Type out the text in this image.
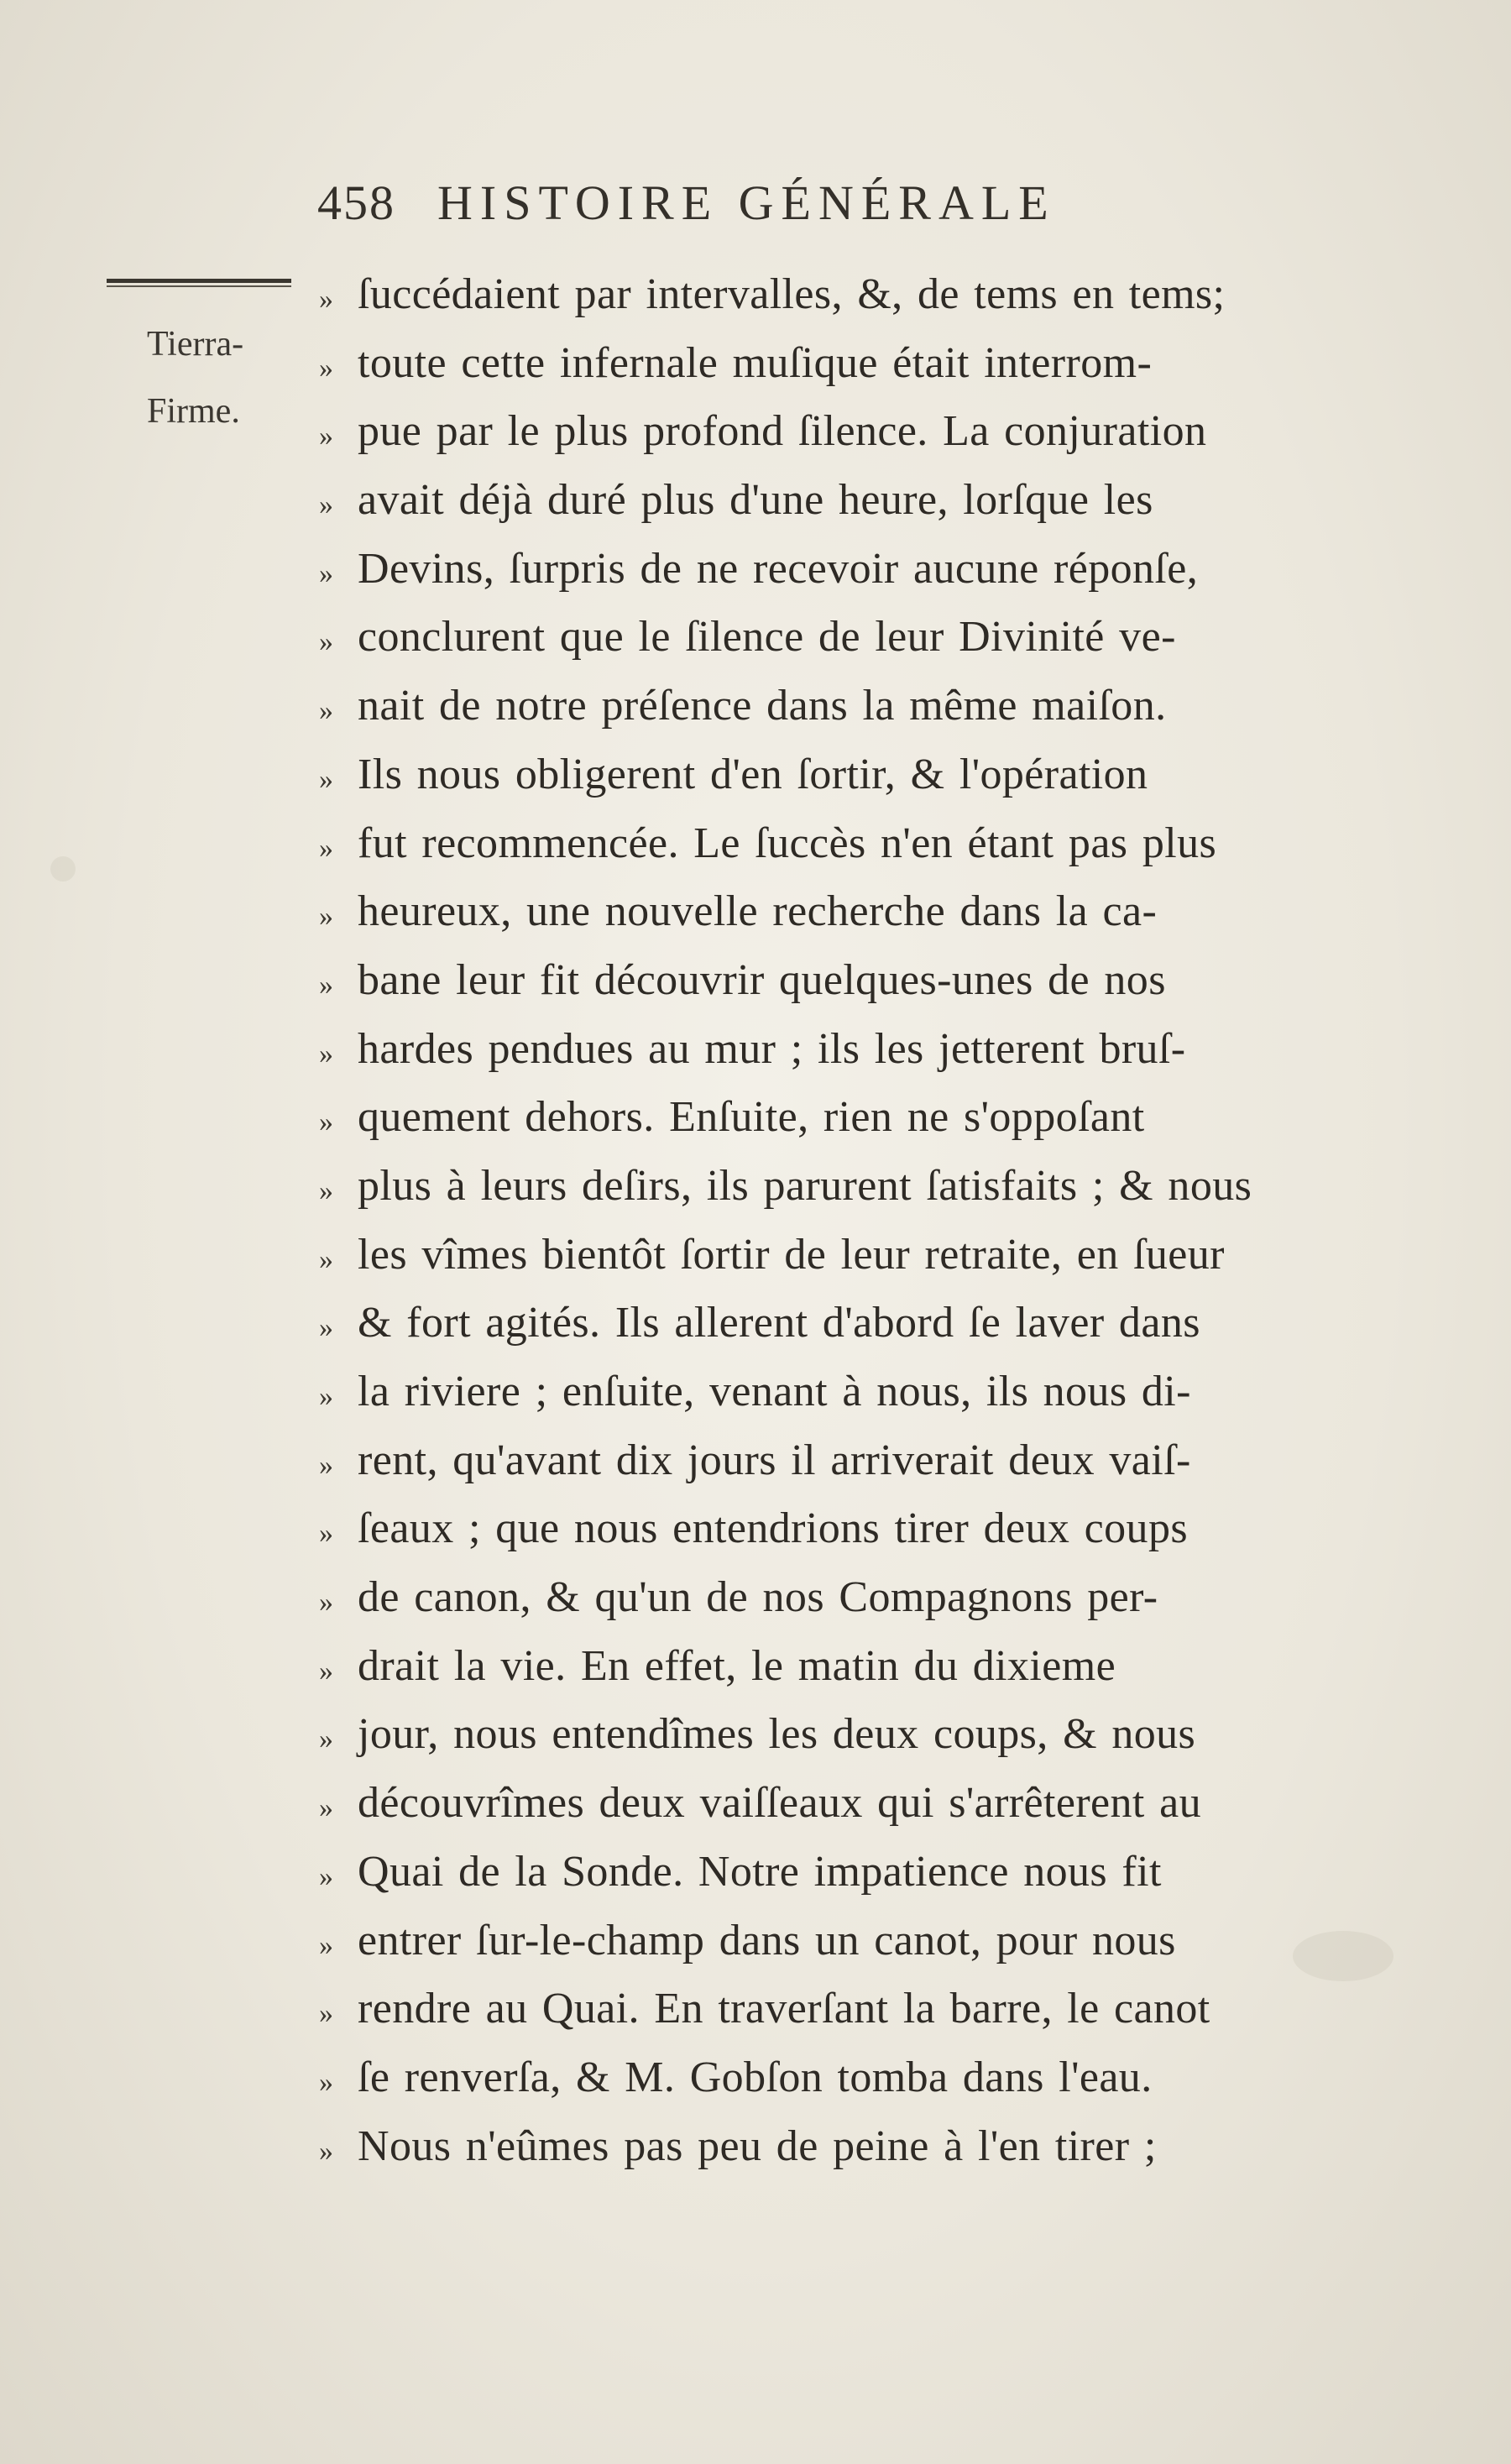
458 HISTOIRE GÉNÉRALE
Tierra-
Firme.
» ſuccédaient par intervalles, &, de tems en tems;
» toute cette infernale muſique était interrom-
» pue par le plus profond ſilence. La conjuration
» avait déjà duré plus d'une heure, lorſque les
» Devins, ſurpris de ne recevoir aucune réponſe,
» conclurent que le ſilence de leur Divinité ve-
» nait de notre préſence dans la même maiſon.
» Ils nous obligerent d'en ſortir, & l'opération
» fut recommencée. Le ſuccès n'en étant pas plus
» heureux, une nouvelle recherche dans la ca-
» bane leur fit découvrir quelques-unes de nos
» hardes pendues au mur ; ils les jetterent bruſ-
» quement dehors. Enſuite, rien ne s'oppoſant
» plus à leurs deſirs, ils parurent ſatisfaits ; & nous
» les vîmes bientôt ſortir de leur retraite, en ſueur
» & fort agités. Ils allerent d'abord ſe laver dans
» la riviere ; enſuite, venant à nous, ils nous di-
» rent, qu'avant dix jours il arriverait deux vaiſ-
» ſeaux ; que nous entendrions tirer deux coups
» de canon, & qu'un de nos Compagnons per-
» drait la vie. En effet, le matin du dixieme
» jour, nous entendîmes les deux coups, & nous
» découvrîmes deux vaiſſeaux qui s'arrêterent au
» Quai de la Sonde. Notre impatience nous fit
» entrer ſur-le-champ dans un canot, pour nous
» rendre au Quai. En traverſant la barre, le canot
» ſe renverſa, & M. Gobſon tomba dans l'eau.
» Nous n'eûmes pas peu de peine à l'en tirer ;
